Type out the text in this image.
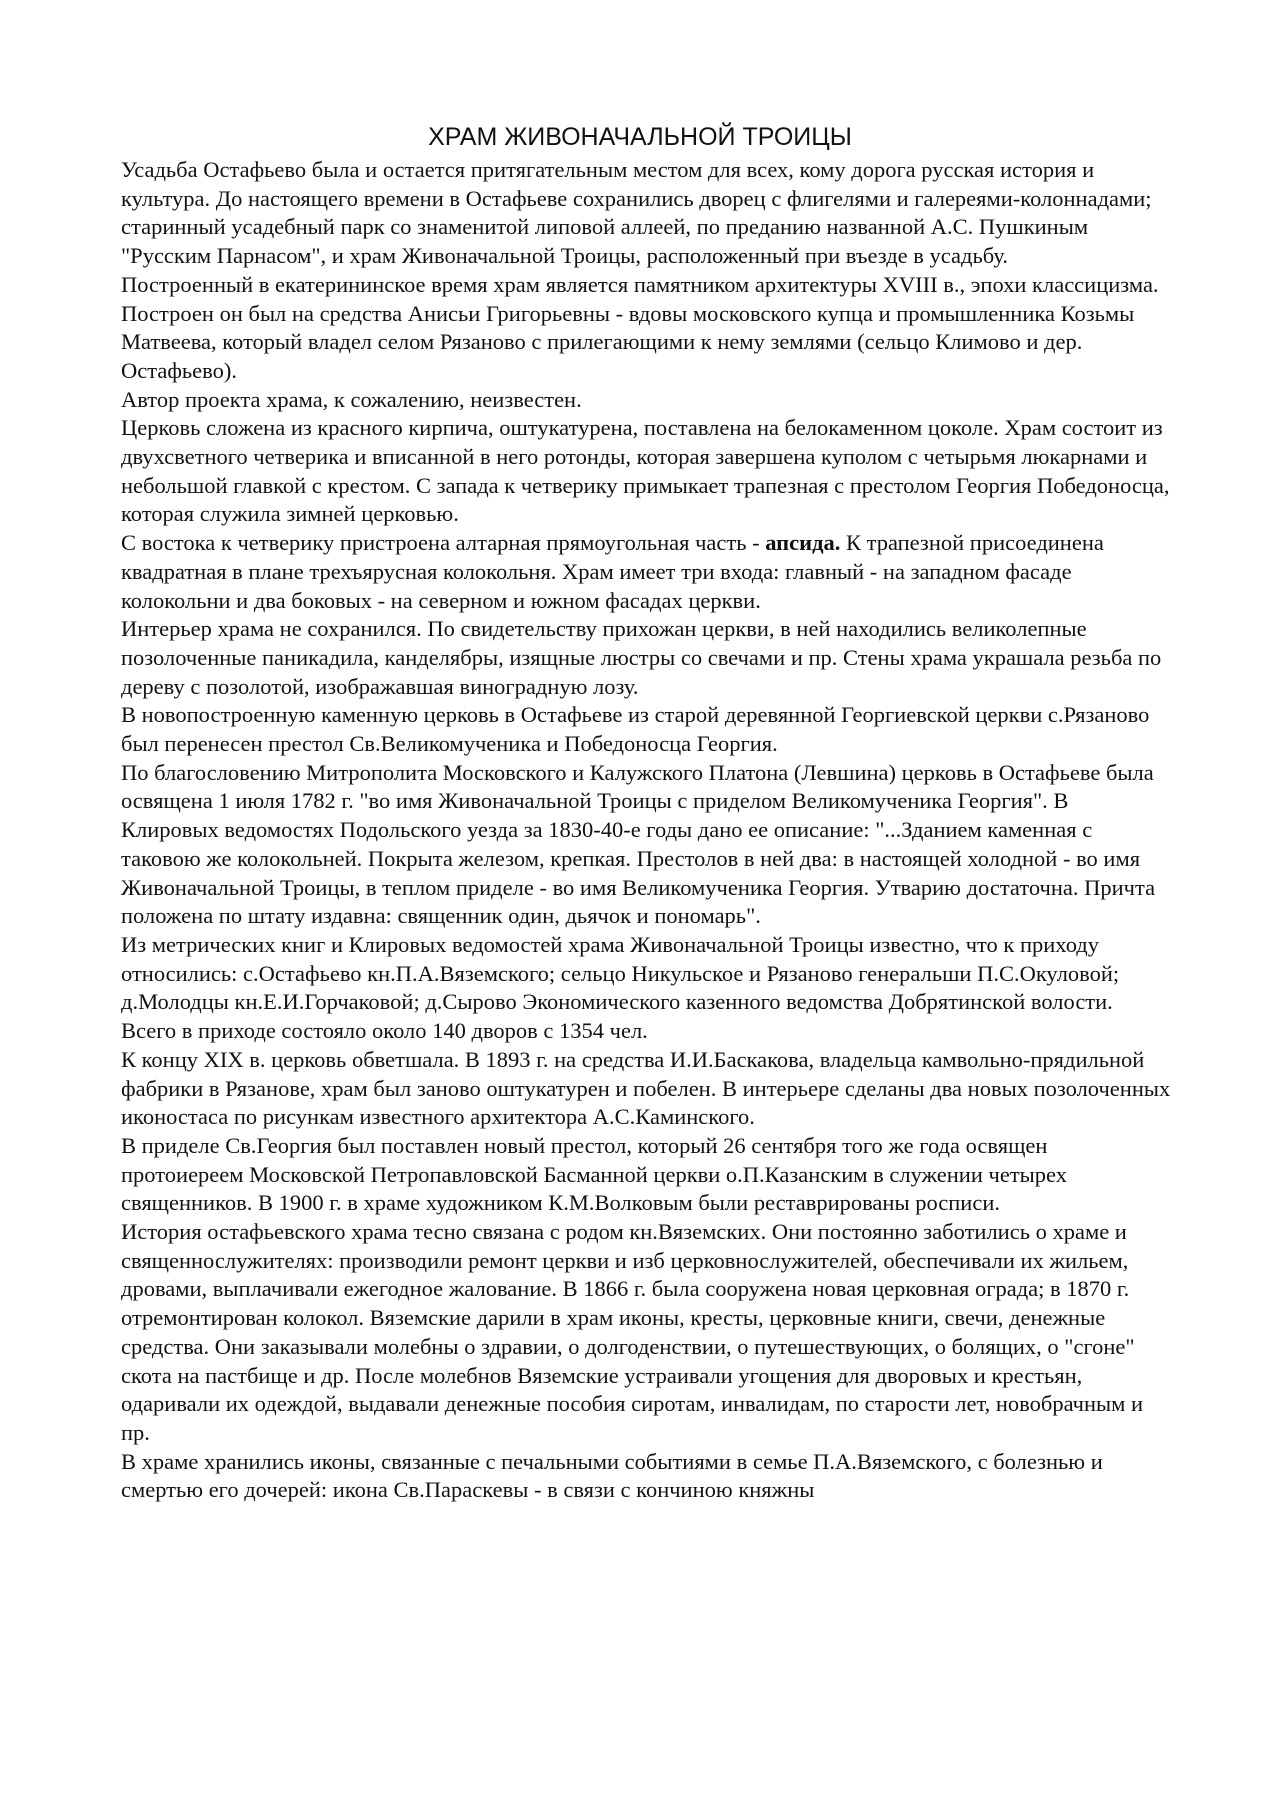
ХРАМ ЖИВОНАЧАЛЬНОЙ ТРОИЦЫ

Усадьба Остафьево была и остается притягательным местом для всех, кому дорога русская история и культура. До настоящего времени в Остафьеве сохранились дворец с флигелями и галереями-колоннадами; старинный усадебный парк со знаменитой липовой аллеей, по преданию названной А.С. Пушкиным "Русским Парнасом", и храм Живоначальной Троицы, расположенный при въезде в усадьбу.

Построенный в екатерининское время храм является памятником архитектуры XVIII в., эпохи классицизма. Построен он был на средства Анисьи Григорьевны - вдовы московского купца и промышленника Козьмы Матвеева, который владел селом Рязаново с прилегающими к нему землями (сельцо Климово и дер. Остафьево).

Автор проекта храма, к сожалению, неизвестен.

Церковь сложена из красного кирпича, оштукатурена, поставлена на белокаменном цоколе. Храм состоит из двухсветного четверика и вписанной в него ротонды, которая завершена куполом с четырьмя люкарнами и небольшой главкой с крестом. С запада к четверику примыкает трапезная с престолом Георгия Победоносца, которая служила зимней церковью.

С востока к четверику пристроена алтарная прямоугольная часть - апсида. К трапезной присоединена квадратная в плане трехъярусная колокольня. Храм имеет три входа: главный - на западном фасаде колокольни и два боковых - на северном и южном фасадах церкви.

Интерьер храма не сохранился. По свидетельству прихожан церкви, в ней находились великолепные позолоченные паникадила, канделябры, изящные люстры со свечами и пр. Стены храма украшала резьба по дереву с позолотой, изображавшая виноградную лозу.

В новопостроенную каменную церковь в Остафьеве из старой деревянной Георгиевской церкви с.Рязаново был перенесен престол Св.Великомученика и Победоносца Георгия.

По благословению Митрополита Московского и Калужского Платона (Левшина) церковь в Остафьеве была освящена 1 июля 1782 г. "во имя Живоначальной Троицы с приделом Великомученика Георгия". В Клировых ведомостях Подольского уезда за 1830-40-е годы дано ее описание: "...Зданием каменная с таковою же колокольней. Покрыта железом, крепкая. Престолов в ней два: в настоящей холодной - во имя Живоначальной Троицы, в теплом приделе - во имя Великомученика Георгия. Утварию достаточна. Причта положена по штату издавна: священник один, дьячок и пономарь".

Из метрических книг и Клировых ведомостей храма Живоначальной Троицы известно, что к приходу относились: с.Остафьево кн.П.А.Вяземского; сельцо Никульское и Рязаново генеральши П.С.Окуловой; д.Молодцы кн.Е.И.Горчаковой; д.Сырово Экономического казенного ведомства Добрятинской волости. Всего в приходе состояло около 140 дворов с 1354 чел.

К концу XIX в. церковь обветшала. В 1893 г. на средства И.И.Баскакова, владельца камвольно-прядильной фабрики в Рязанове, храм был заново оштукатурен и побелен. В интерьере сделаны два новых позолоченных иконостаса по рисункам известного архитектора А.С.Каминского.

В приделе Св.Георгия был поставлен новый престол, который 26 сентября того же года освящен протоиереем Московской Петропавловской Басманной церкви о.П.Казанским в служении четырех священников. В 1900 г. в храме художником К.М.Волковым были реставрированы росписи.

История остафьевского храма тесно связана с родом кн.Вяземских. Они постоянно заботились о храме и священнослужителях: производили ремонт церкви и изб церковнослужителей, обеспечивали их жильем, дровами, выплачивали ежегодное жалование. В 1866 г. была сооружена новая церковная ограда; в 1870 г. отремонтирован колокол. Вяземские дарили в храм иконы, кресты, церковные книги, свечи, денежные средства. Они заказывали молебны о здравии, о долгоденствии, о путешествующих, о болящих, о "сгоне" скота на пастбище и др. После молебнов Вяземские устраивали угощения для дворовых и крестьян, одаривали их одеждой, выдавали денежные пособия сиротам, инвалидам, по старости лет, новобрачным и пр.

В храме хранились иконы, связанные с печальными событиями в семье П.А.Вяземского, с болезнью и смертью его дочерей: икона Св.Параскевы - в связи с кончиною княжны
